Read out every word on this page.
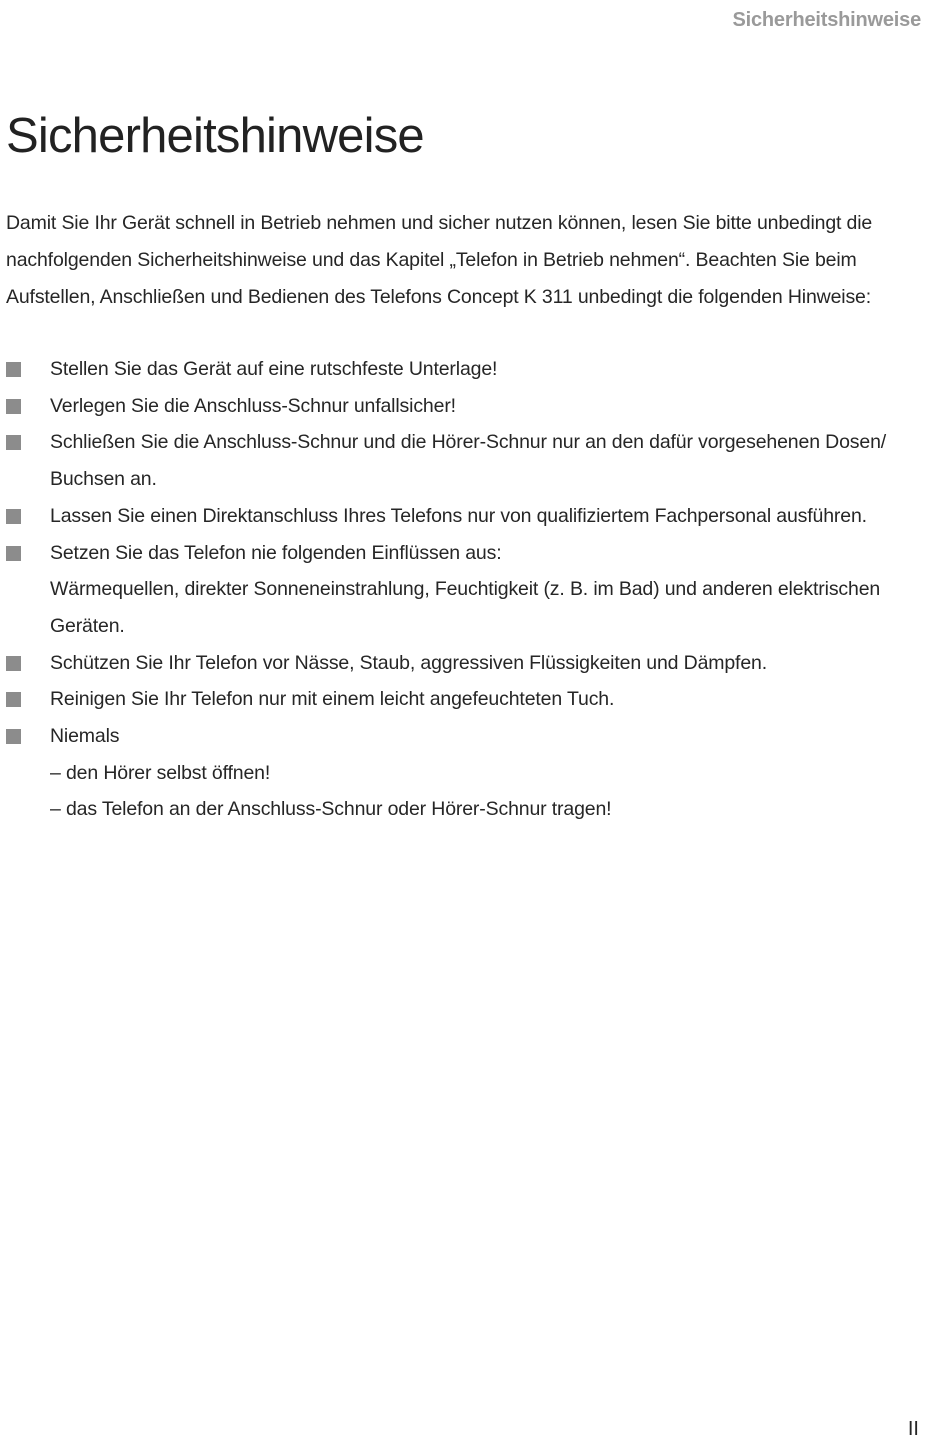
Sicherheitshinweise
Sicherheitshinweise

Damit Sie Ihr Gerät schnell in Betrieb nehmen und sicher nutzen können, lesen Sie bitte unbedingt die
nachfolgenden Sicherheitshinweise und das Kapitel „Telefon in Betrieb nehmen“. Beachten Sie beim
Aufstellen, Anschließen und Bedienen des Telefons Concept K 311 unbedingt die folgenden Hinweise:

Stellen Sie das Gerät auf eine rutschfeste Unterlage!
Verlegen Sie die Anschluss-Schnur unfallsicher!
Schließen Sie die Anschluss-Schnur und die Hörer-Schnur nur an den dafür vorgesehenen Dosen/
Buchsen an.
Lassen Sie einen Direktanschluss Ihres Telefons nur von qualifiziertem Fachpersonal ausführen.
Setzen Sie das Telefon nie folgenden Einflüssen aus:
Wärmequellen, direkter Sonneneinstrahlung, Feuchtigkeit (z. B. im Bad) und anderen elektrischen
Geräten.
Schützen Sie Ihr Telefon vor Nässe, Staub, aggressiven Flüssigkeiten und Dämpfen.
Reinigen Sie Ihr Telefon nur mit einem leicht angefeuchteten Tuch.
Niemals
– den Hörer selbst öffnen!
– das Telefon an der Anschluss-Schnur oder Hörer-Schnur tragen!
II
